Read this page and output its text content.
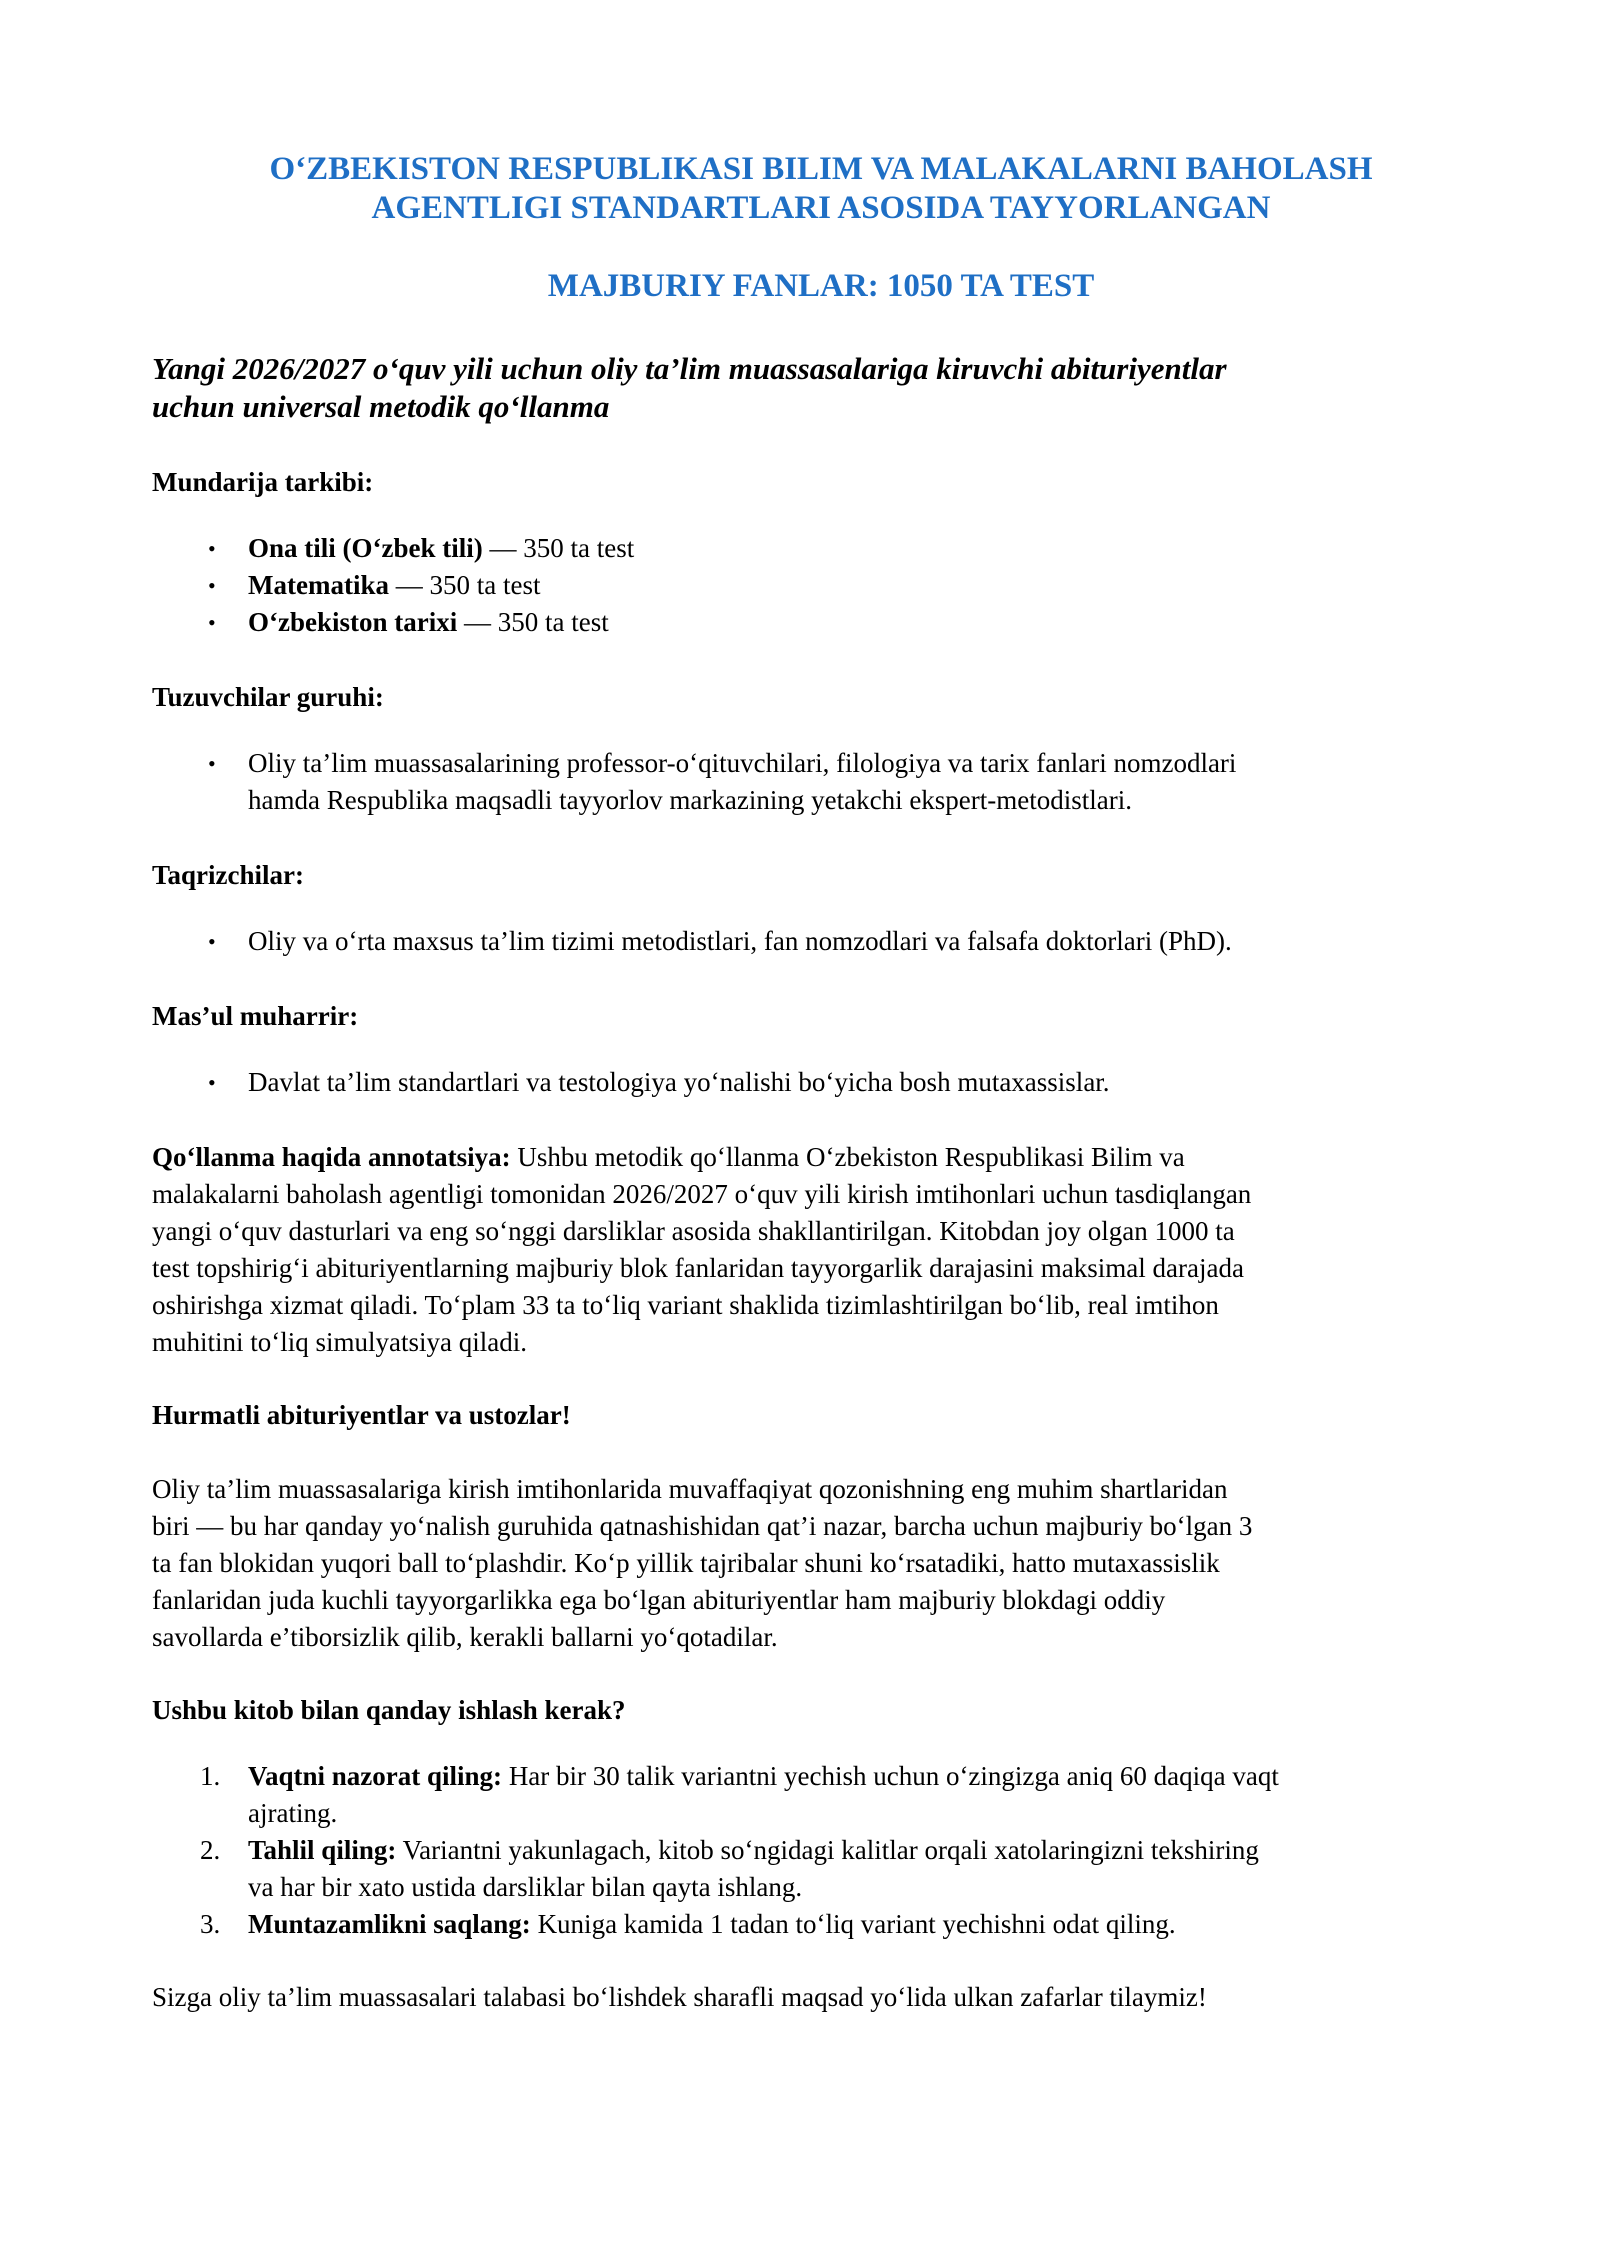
O‘ZBEKISTON RESPUBLIKASI BILIM VA MALAKALARNI BAHOLASH
AGENTLIGI STANDARTLARI ASOSIDA TAYYORLANGAN
MAJBURIY FANLAR: 1050 TA TEST

Yangi 2026/2027 o‘quv yili uchun oliy ta’lim muassasalariga kiruvchi abituriyentlar
uchun universal metodik qo‘llanma

Mundarija tarkibi:
• Ona tili (O‘zbek tili) — 350 ta test
• Matematika — 350 ta test
• O‘zbekiston tarixi — 350 ta test
Tuzuvchilar guruhi:
• Oliy ta’lim muassasalarining professor-o‘qituvchilari, filologiya va tarix fanlari nomzodlari
hamda Respublika maqsadli tayyorlov markazining yetakchi ekspert-metodistlari.
Taqrizchilar:
• Oliy va o‘rta maxsus ta’lim tizimi metodistlari, fan nomzodlari va falsafa doktorlari (PhD).
Mas’ul muharrir:
• Davlat ta’lim standartlari va testologiya yo‘nalishi bo‘yicha bosh mutaxassislar.

Qo‘llanma haqida annotatsiya: Ushbu metodik qo‘llanma O‘zbekiston Respublikasi Bilim va
malakalarni baholash agentligi tomonidan 2026/2027 o‘quv yili kirish imtihonlari uchun tasdiqlangan
yangi o‘quv dasturlari va eng so‘nggi darsliklar asosida shakllantirilgan. Kitobdan joy olgan 1000 ta
test topshirig‘i abituriyentlarning majburiy blok fanlaridan tayyorgarlik darajasini maksimal darajada
oshirishga xizmat qiladi. To‘plam 33 ta to‘liq variant shaklida tizimlashtirilgan bo‘lib, real imtihon
muhitini to‘liq simulyatsiya qiladi.

Hurmatli abituriyentlar va ustozlar!

Oliy ta’lim muassasalariga kirish imtihonlarida muvaffaqiyat qozonishning eng muhim shartlaridan
biri — bu har qanday yo‘nalish guruhida qatnashishidan qat’i nazar, barcha uchun majburiy bo‘lgan 3
ta fan blokidan yuqori ball to‘plashdir. Ko‘p yillik tajribalar shuni ko‘rsatadiki, hatto mutaxassislik
fanlaridan juda kuchli tayyorgarlikka ega bo‘lgan abituriyentlar ham majburiy blokdagi oddiy
savollarda e’tiborsizlik qilib, kerakli ballarni yo‘qotadilar.

Ushbu kitob bilan qanday ishlash kerak?
1. Vaqtni nazorat qiling: Har bir 30 talik variantni yechish uchun o‘zingizga aniq 60 daqiqa vaqt
ajrating.
2. Tahlil qiling: Variantni yakunlagach, kitob so‘ngidagi kalitlar orqali xatolaringizni tekshiring
va har bir xato ustida darsliklar bilan qayta ishlang.
3. Muntazamlikni saqlang: Kuniga kamida 1 tadan to‘liq variant yechishni odat qiling.

Sizga oliy ta’lim muassasalari talabasi bo‘lishdek sharafli maqsad yo‘lida ulkan zafarlar tilaymiz!
